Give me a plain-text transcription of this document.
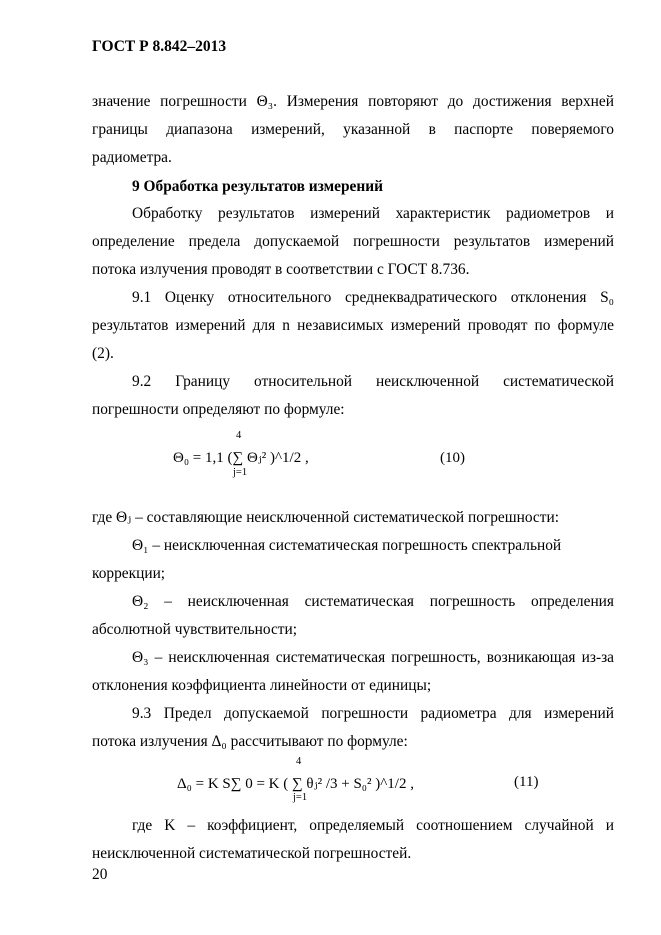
ГОСТ Р 8.842–2013
значение погрешности Θ₃. Измерения повторяют до достижения верхней
границы диапазона измерений, указанной в паспорте поверяемого
радиометра.
9 Обработка результатов измерений
Обработку результатов измерений характеристик радиометров и
определение предела допускаемой погрешности результатов измерений
потока излучения проводят в соответствии с ГОСТ 8.736.
9.1 Оценку относительного среднеквадратического отклонения S₀
результатов измерений для n независимых измерений проводят по формуле
(2).
9.2 Границу относительной неисключенной систематической
погрешности определяют по формуле:
4
Θ₀ = 1,1 (∑ Θⱼ² )^1/2 ,
j=1
(10)
где Θⱼ – составляющие неисключенной систематической погрешности:
Θ₁ – неисключенная систематическая погрешность спектральной
коррекции;
Θ₂ – неисключенная систематическая погрешность определения
абсолютной чувствительности;
Θ₃ – неисключенная систематическая погрешность, возникающая из-за
отклонения коэффициента линейности от единицы;
9.3 Предел допускаемой погрешности радиометра для измерений
потока излучения Δ₀ рассчитывают по формуле:
4
Δ₀ = K S∑ 0 = K ( ∑ θⱼ² /3 + S₀² )^1/2 ,
j=1
(11)
где K – коэффициент, определяемый соотношением случайной и
неисключенной систематической погрешностей.
20
